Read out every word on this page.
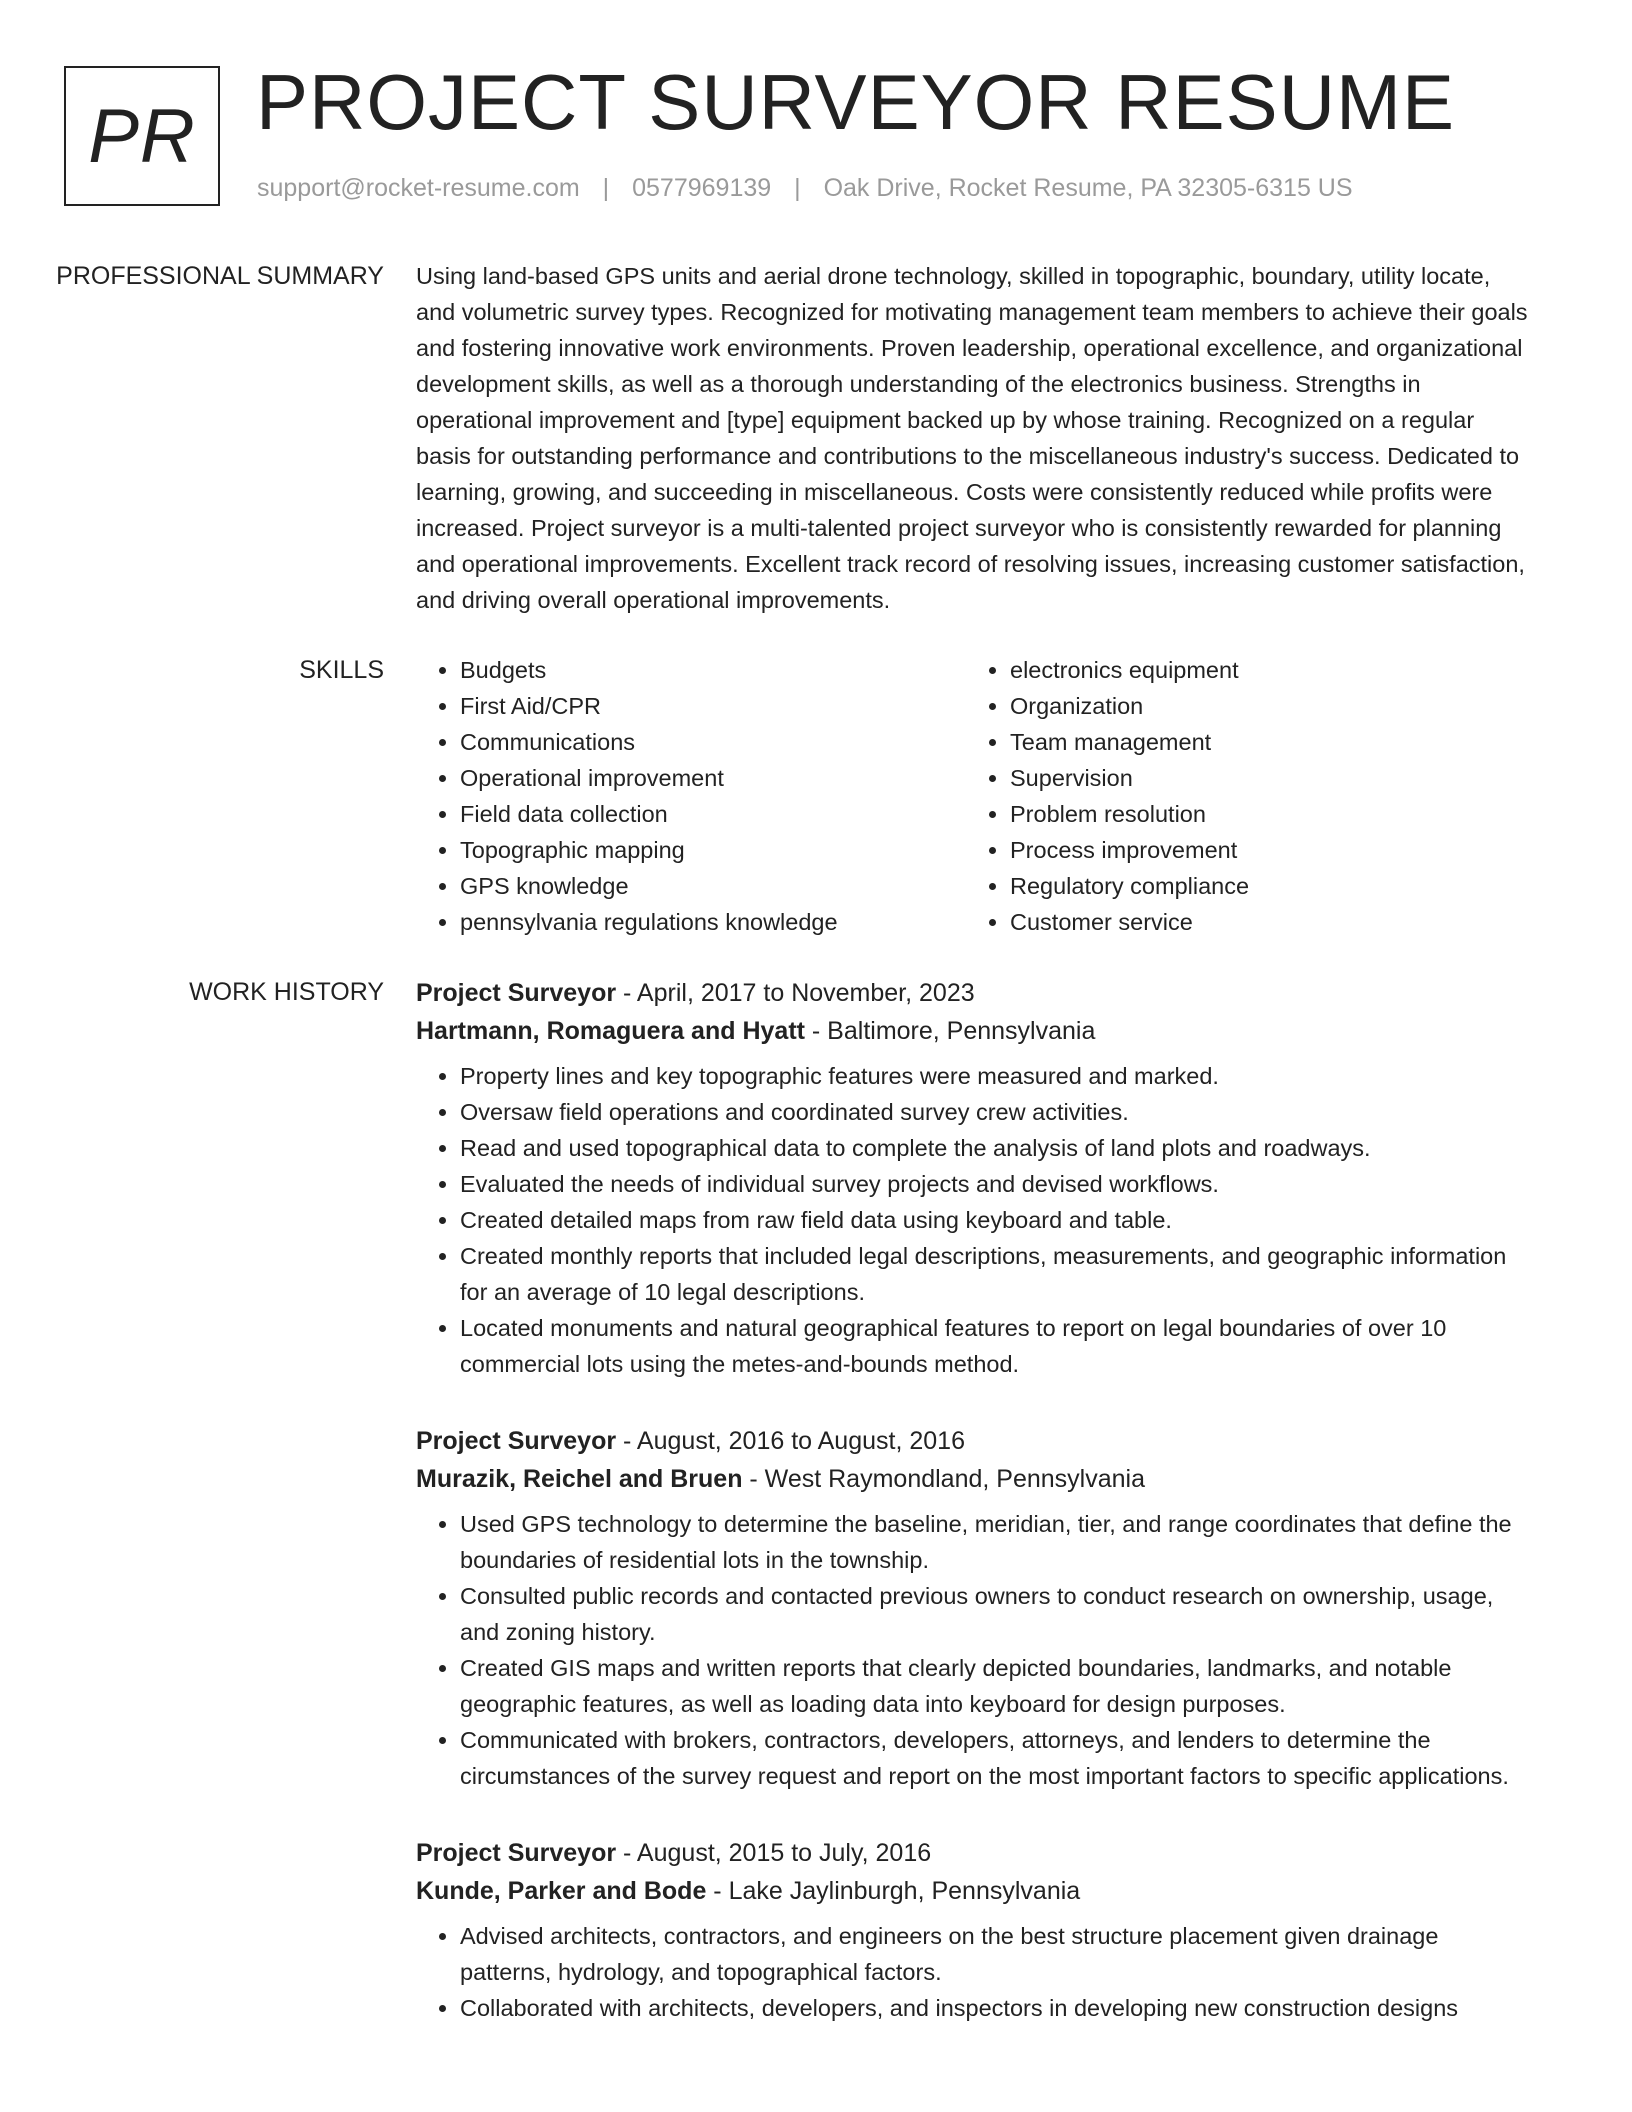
PR PROJECT SURVEYOR RESUME
support@rocket-resume.com | 0577969139 | Oak Drive, Rocket Resume, PA 32305-6315 US
PROFESSIONAL SUMMARY	Using land-based GPS units and aerial drone technology, skilled in topographic, boundary, utility locate, and volumetric survey types. Recognized for motivating management team members to achieve their goals and fostering innovative work environments. Proven leadership, operational excellence, and organizational development skills, as well as a thorough understanding of the electronics business. Strengths in operational improvement and [type] equipment backed up by whose training. Recognized on a regular basis for outstanding performance and contributions to the miscellaneous industry's success. Dedicated to learning, growing, and succeeding in miscellaneous. Costs were consistently reduced while profits were increased. Project surveyor is a multi-talented project surveyor who is consistently rewarded for planning and operational improvements. Excellent track record of resolving issues, increasing customer satisfaction, and driving overall operational improvements.

SKILLS
•	Budgets
• First Aid/CPR
• Communications
• Operational improvement
• Field data collection
• Topographic mapping
• GPS knowledge
• pennsylvania regulations knowledge
• electronics equipment
• Organization
• Team management
• Supervision
• Problem resolution
• Process improvement
• Regulatory compliance
• Customer service
WORK HISTORY	Project Surveyor - April, 2017 to November, 2023
Hartmann, Romaguera and Hyatt - Baltimore, Pennsylvania
• Property lines and key topographic features were measured and marked.
• Oversaw field operations and coordinated survey crew activities.
• Read and used topographical data to complete the analysis of land plots and roadways.
• Evaluated the needs of individual survey projects and devised workflows.
• Created detailed maps from raw field data using keyboard and table.
• Created monthly reports that included legal descriptions, measurements, and geographic information for an average of 10 legal descriptions.
• Located monuments and natural geographical features to report on legal boundaries of over 10 commercial lots using the metes-and-bounds method.
Project Surveyor - August, 2016 to August, 2016
Murazik, Reichel and Bruen - West Raymondland, Pennsylvania
• Used GPS technology to determine the baseline, meridian, tier, and range coordinates that define the boundaries of residential lots in the township.
• Consulted public records and contacted previous owners to conduct research on ownership, usage, and zoning history.
• Created GIS maps and written reports that clearly depicted boundaries, landmarks, and notable geographic features, as well as loading data into keyboard for design purposes.
• Communicated with brokers, contractors, developers, attorneys, and lenders to determine the circumstances of the survey request and report on the most important factors to specific applications.
Project Surveyor - August, 2015 to July, 2016
Kunde, Parker and Bode - Lake Jaylinburgh, Pennsylvania
• Advised architects, contractors, and engineers on the best structure placement given drainage patterns, hydrology, and topographical factors.
• Collaborated with architects, developers, and inspectors in developing new construction designs
